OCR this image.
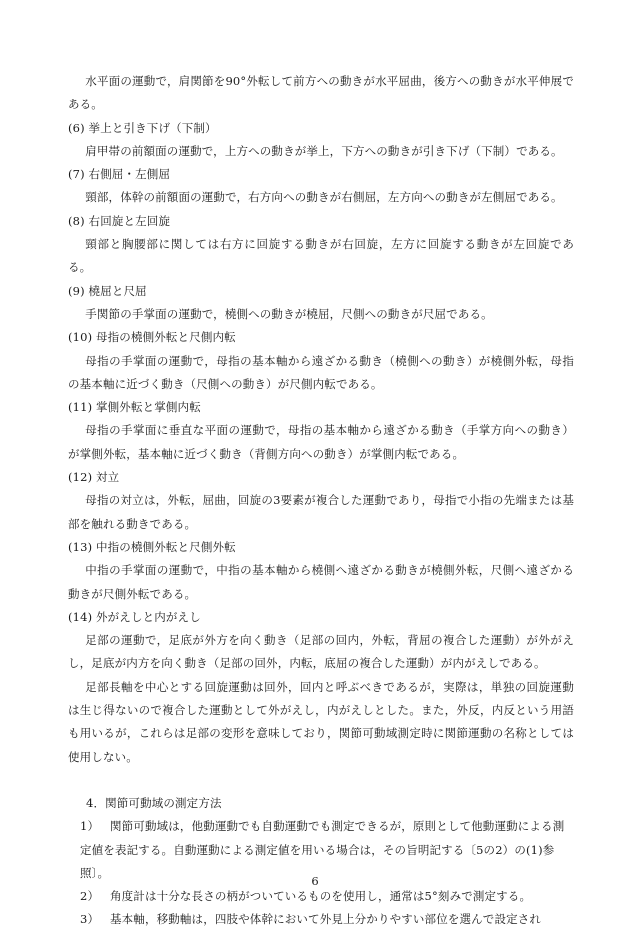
水平面の運動で，肩関節を90°外転して前方への動きが水平屈曲，後方への動きが水平伸展である。

(6) 挙上と引き下げ（下制）

肩甲帯の前額面の運動で，上方への動きが挙上，下方への動きが引き下げ（下制）である。

(7) 右側屈・左側屈

頸部，体幹の前額面の運動で，右方向への動きが右側屈，左方向への動きが左側屈である。

(8) 右回旋と左回旋

頸部と胸腰部に関しては右方に回旋する動きが右回旋，左方に回旋する動きが左回旋である。

(9) 橈屈と尺屈

手関節の手掌面の運動で，橈側への動きが橈屈，尺側への動きが尺屈である。

(10) 母指の橈側外転と尺側内転

母指の手掌面の運動で，母指の基本軸から遠ざかる動き（橈側への動き）が橈側外転，母指の基本軸に近づく動き（尺側への動き）が尺側内転である。

(11) 掌側外転と掌側内転

母指の手掌面に垂直な平面の運動で，母指の基本軸から遠ざかる動き（手掌方向への動き）が掌側外転，基本軸に近づく動き（背側方向への動き）が掌側内転である。

(12) 対立

母指の対立は，外転，屈曲，回旋の3要素が複合した運動であり，母指で小指の先端または基部を触れる動きである。

(13) 中指の橈側外転と尺側外転

中指の手掌面の運動で，中指の基本軸から橈側へ遠ざかる動きが橈側外転，尺側へ遠ざかる動きが尺側外転である。

(14) 外がえしと内がえし

足部の運動で，足底が外方を向く動き（足部の回内，外転，背屈の複合した運動）が外がえし，足底が内方を向く動き（足部の回外，内転，底屈の複合した運動）が内がえしである。

足部長軸を中心とする回旋運動は回外，回内と呼ぶべきであるが，実際は，単独の回旋運動は生じ得ないので複合した運動として外がえし，内がえしとした。また，外反，内反という用語も用いるが，これらは足部の変形を意味しており，関節可動域測定時に関節運動の名称としては使用しない。

4．関節可動域の測定方法

1） 関節可動域は，他動運動でも自動運動でも測定できるが，原則として他動運動による測定値を表記する。自動運動による測定値を用いる場合は，その旨明記する〔5の2）の(1)参照〕。

2） 角度計は十分な長さの柄がついているものを使用し，通常は5°刻みで測定する。

3） 基本軸，移動軸は，四肢や体幹において外見上分かりやすい部位を選んで設定され

6
